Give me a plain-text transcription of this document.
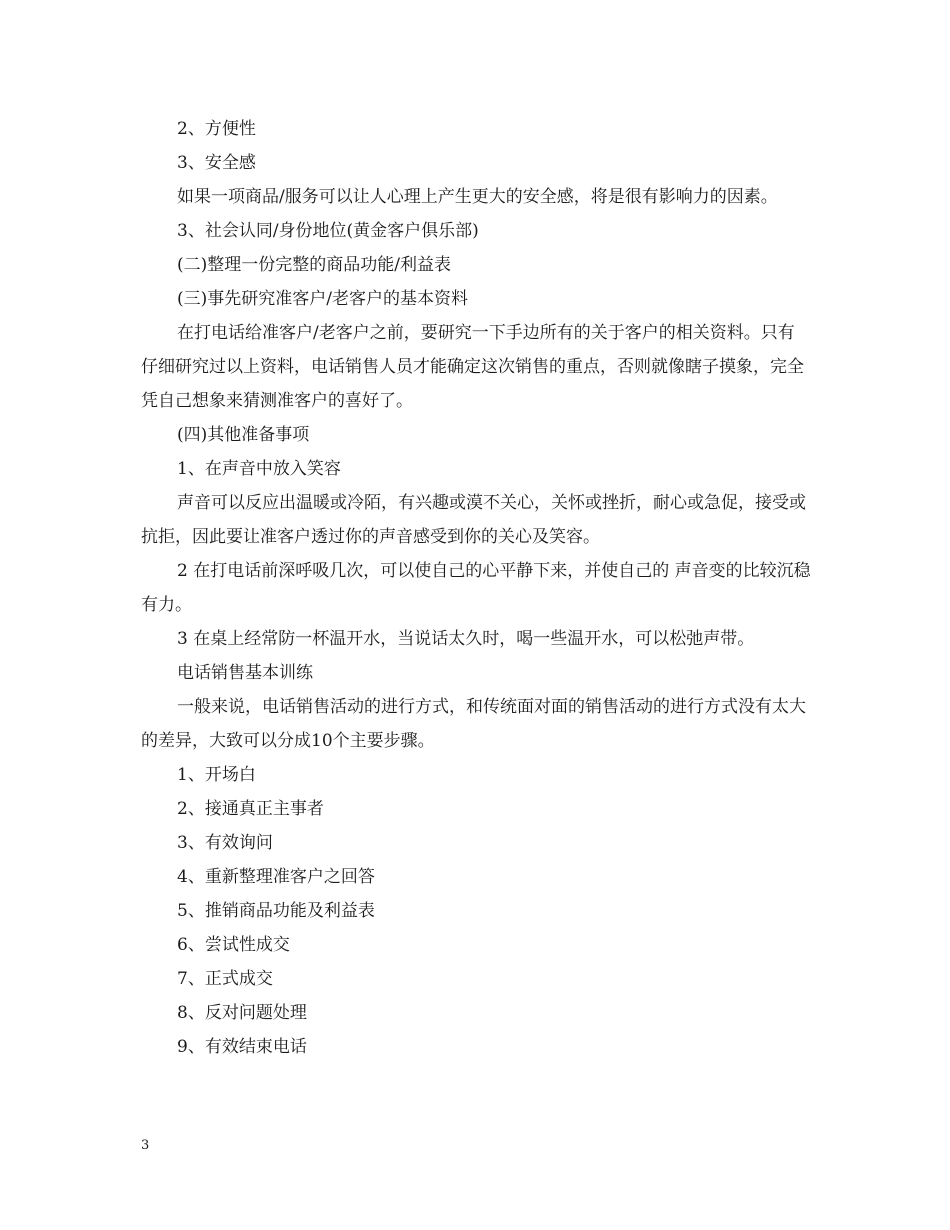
2、方便性

3、安全感

如果一项商品/服务可以让人心理上产生更大的安全感，将是很有影响力的因素。

3、社会认同/身份地位(黄金客户俱乐部)

(二)整理一份完整的商品功能/利益表

(三)事先研究准客户/老客户的基本资料

在打电话给准客户/老客户之前，要研究一下手边所有的关于客户的相关资料。只有仔细研究过以上资料，电话销售人员才能确定这次销售的重点，否则就像瞎子摸象，完全凭自己想象来猜测准客户的喜好了。

(四)其他准备事项

1、在声音中放入笑容

声音可以反应出温暖或冷陌，有兴趣或漠不关心，关怀或挫折，耐心或急促，接受或抗拒，因此要让准客户透过你的声音感受到你的关心及笑容。

2 在打电话前深呼吸几次，可以使自己的心平静下来，并使自己的 声音变的比较沉稳有力。

3 在桌上经常防一杯温开水，当说话太久时，喝一些温开水，可以松弛声带。

电话销售基本训练

一般来说，电话销售活动的进行方式，和传统面对面的销售活动的进行方式没有太大的差异，大致可以分成10个主要步骤。

1、开场白

2、接通真正主事者

3、有效询问

4、重新整理准客户之回答

5、推销商品功能及利益表

6、尝试性成交

7、正式成交

8、反对问题处理

9、有效结束电话

3
